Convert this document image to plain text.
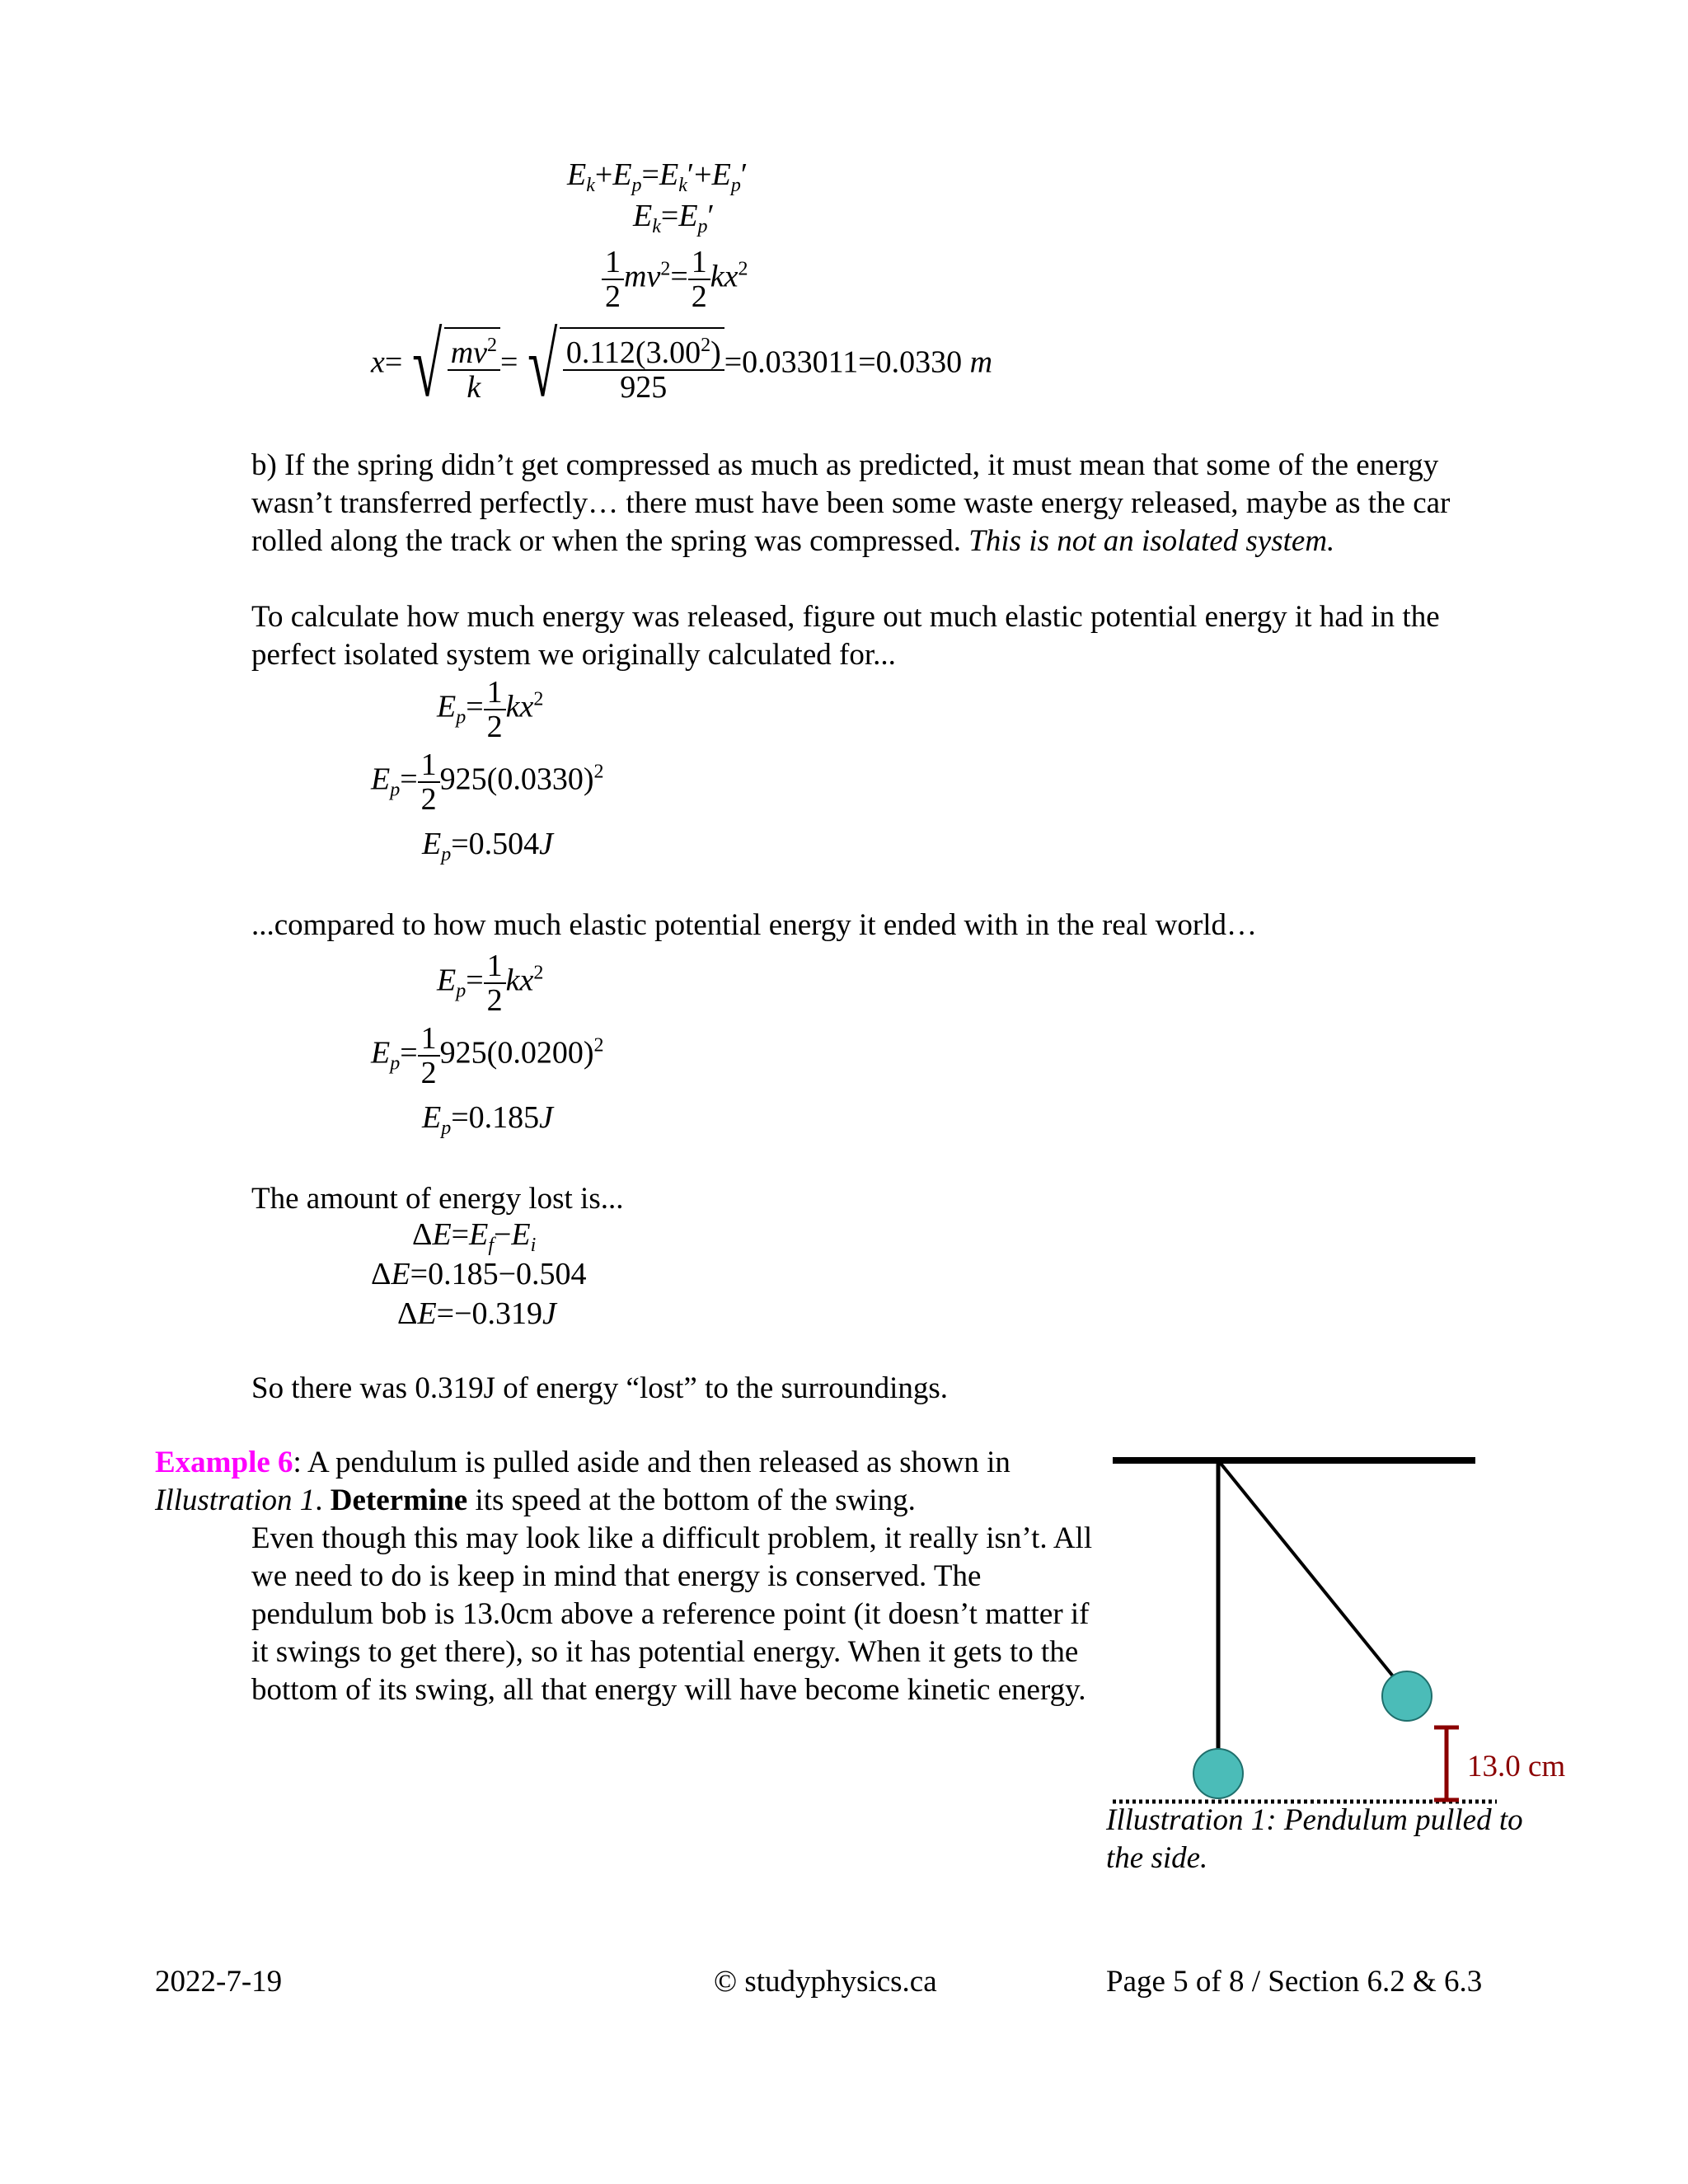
$E_k+E_p=E_k'+E_p'$
$E_k=E_p'$
$\frac{1}{2} mv^2= \frac{1}{2} kx^2$
x= √ $\frac{mv^2}{k}$ = √ $\frac{0.112(3.00^2)}{925} =0.033011=0.0330$ m
b) If the spring didn’t get compressed as much as predicted, it must mean that some of the energy wasn’t transferred perfectly… there must have been some waste energy released, maybe as the car rolled along the track or when the spring was compressed. This is not an isolated system.
To calculate how much energy was released, figure out much elastic potential energy it had in the perfect isolated system we originally calculated for...
$E_p= \frac{1}{2} kx^2$
$E_p= \frac{1}{2} 925(0.0330)^2$
$E_p=0.504J$
...compared to how much elastic potential energy it ended with in the real world…
$E_p= \frac{1}{2} kx^2$
$E_p= \frac{1}{2} 925(0.0200)^2$
$E_p=0.185J$
The amount of energy lost is...
$\Delta E=E_f-E_i$
ΔE=0.185−0.504
ΔE=−0.319J
So there was 0.319J of energy “lost” to the surroundings.
Example 6: A pendulum is pulled aside and then released as shown in Illustration 1. Determine its speed at the bottom of the swing.
Even though this may look like a difficult problem, it really isn’t. All we need to do is keep in mind that energy is conserved. The pendulum bob is 13.0cm above a reference point (it doesn’t matter if it swings to get there), so it has potential energy. When it gets to the bottom of its swing, all that energy will have become kinetic energy.
13.0 cm
Illustration 1: Pendulum pulled to the side.
2022-7-19	© studyphysics.ca	Page 5 of 8 / Section 6.2 & 6.3
